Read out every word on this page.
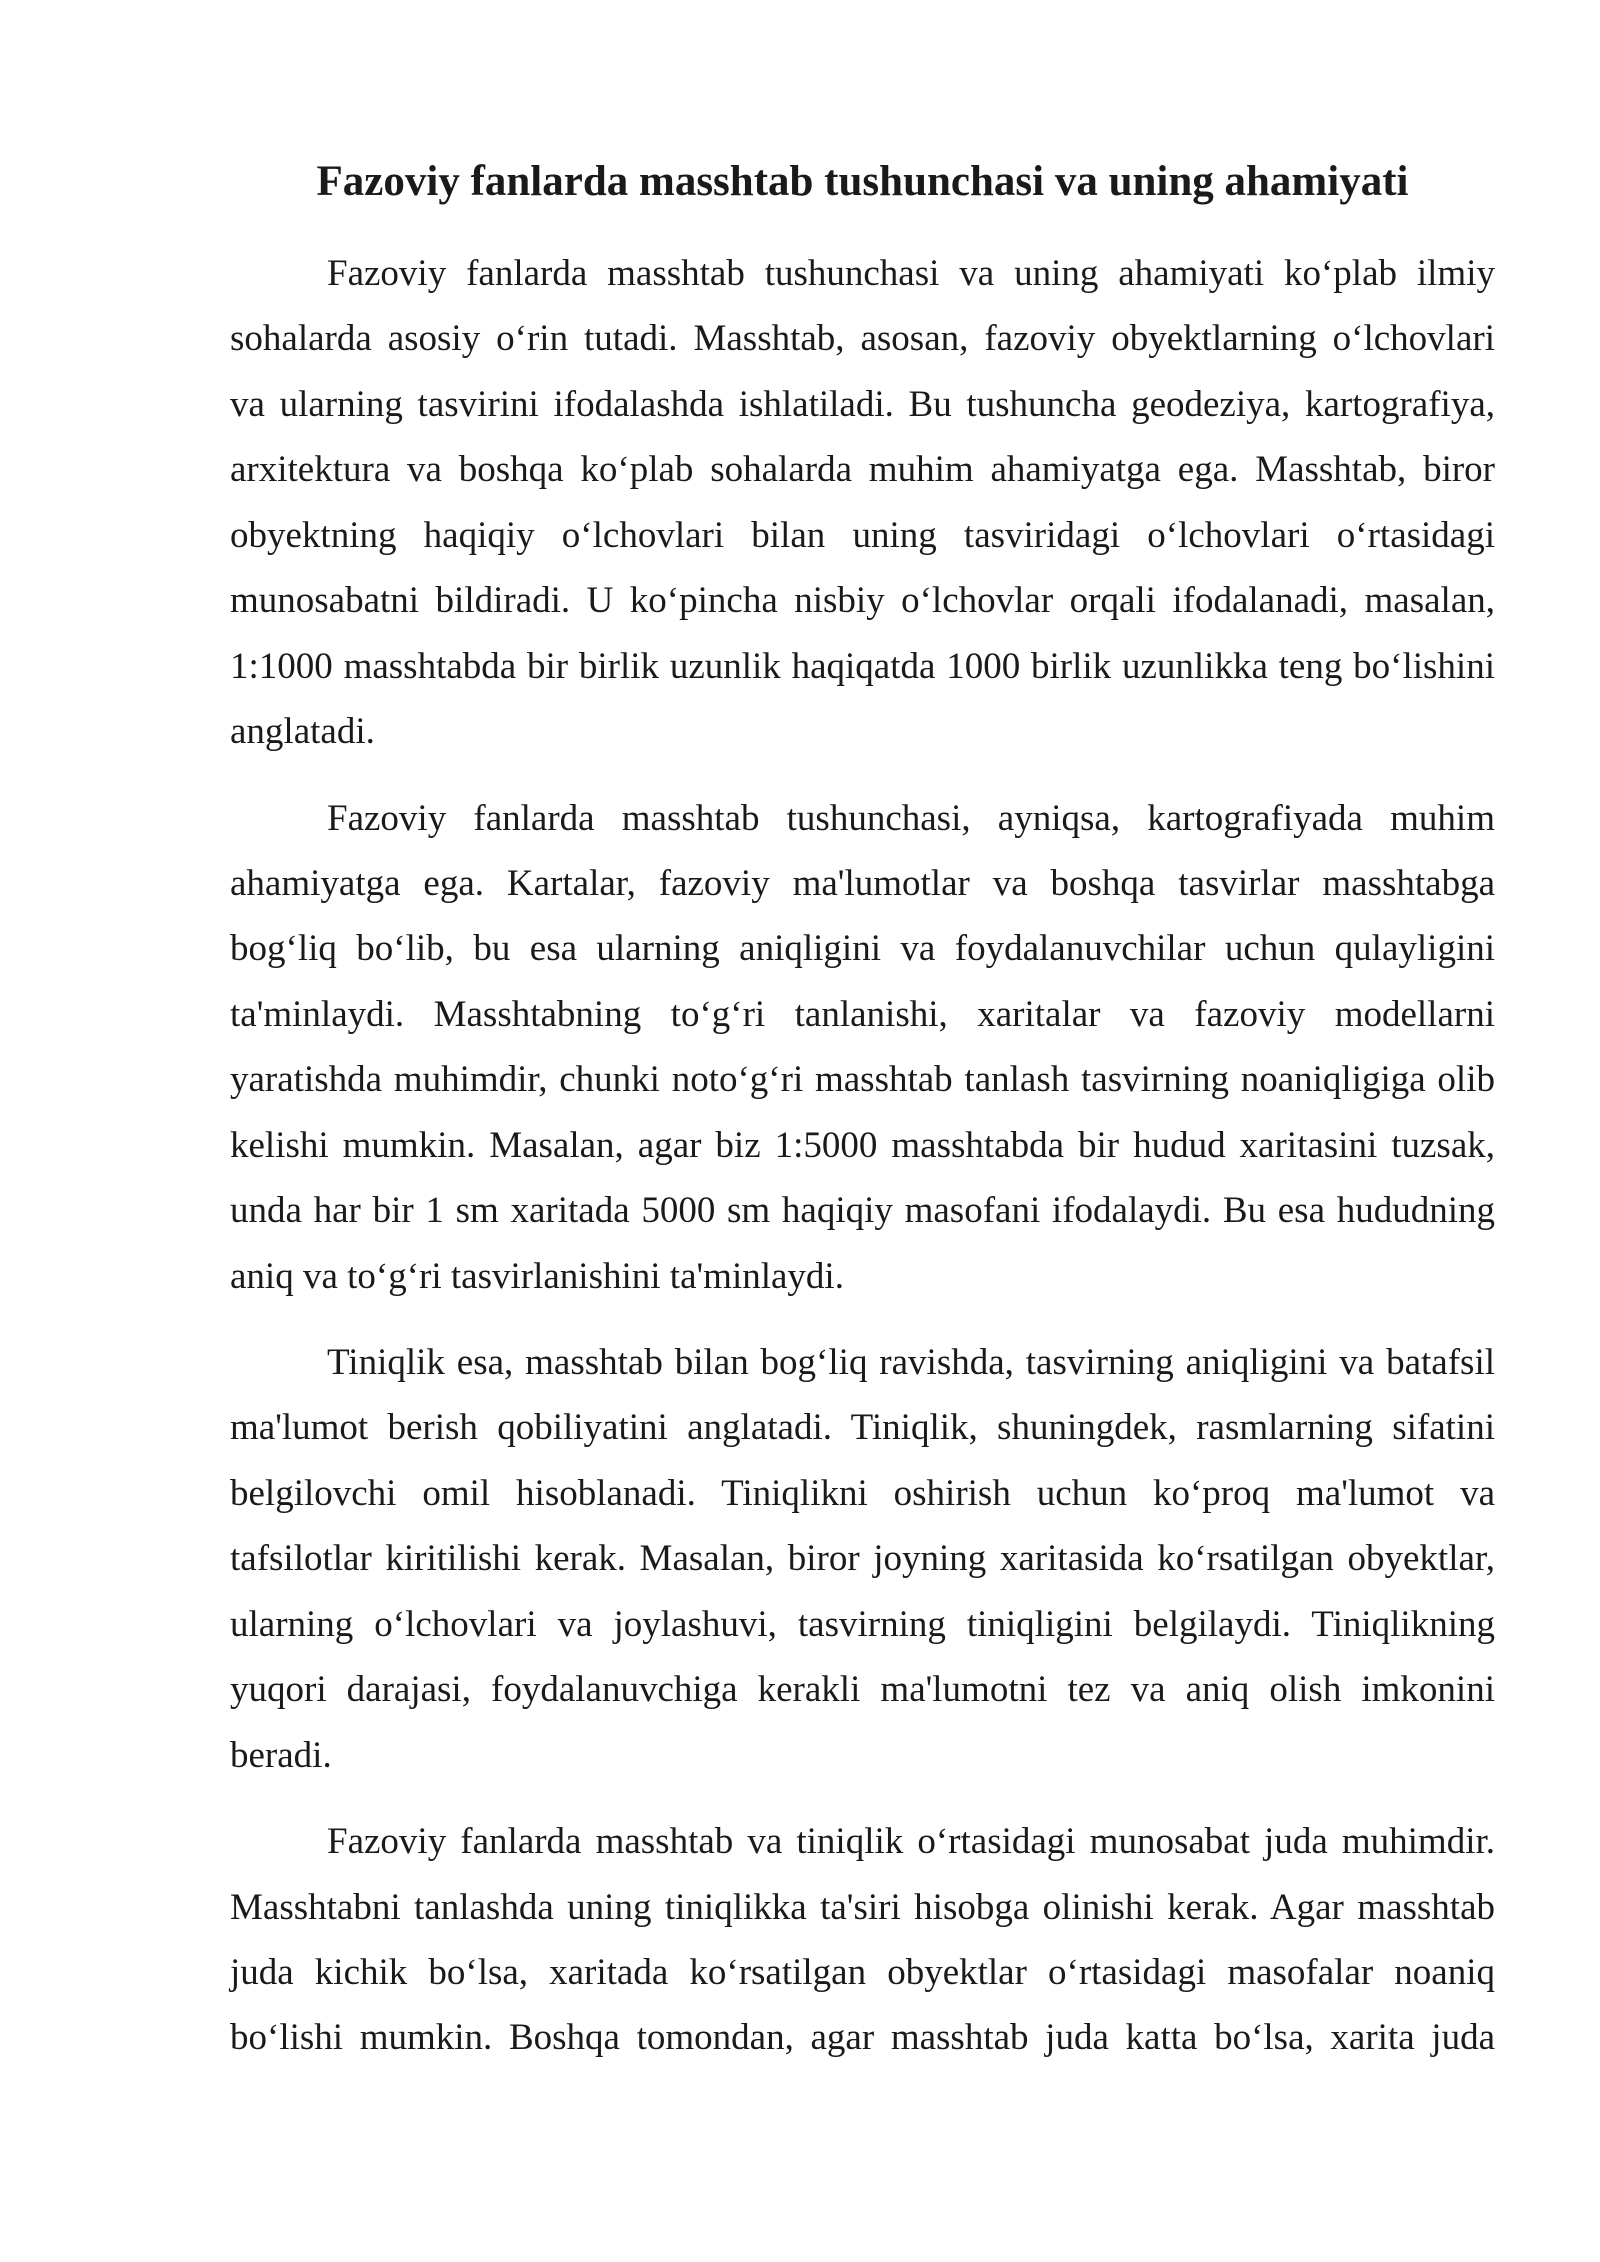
Fazoviy fanlarda masshtab tushunchasi va uning ahamiyati
Fazoviy fanlarda masshtab tushunchasi va uning ahamiyati ko‘plab ilmiy
sohalarda asosiy o‘rin tutadi. Masshtab, asosan, fazoviy obyektlarning o‘lchovlari
va ularning tasvirini ifodalashda ishlatiladi. Bu tushuncha geodeziya, kartografiya,
arxitektura va boshqa ko‘plab sohalarda muhim ahamiyatga ega. Masshtab, biror
obyektning haqiqiy o‘lchovlari bilan uning tasviridagi o‘lchovlari o‘rtasidagi
munosabatni bildiradi. U ko‘pincha nisbiy o‘lchovlar orqali ifodalanadi, masalan,
1:1000 masshtabda bir birlik uzunlik haqiqatda 1000 birlik uzunlikka teng bo‘lishini
anglatadi.
Fazoviy fanlarda masshtab tushunchasi, ayniqsa, kartografiyada muhim
ahamiyatga ega. Kartalar, fazoviy ma'lumotlar va boshqa tasvirlar masshtabga
bog‘liq bo‘lib, bu esa ularning aniqligini va foydalanuvchilar uchun qulayligini
ta'minlaydi. Masshtabning to‘g‘ri tanlanishi, xaritalar va fazoviy modellarni
yaratishda muhimdir, chunki noto‘g‘ri masshtab tanlash tasvirning noaniqligiga olib
kelishi mumkin. Masalan, agar biz 1:5000 masshtabda bir hudud xaritasini tuzsak,
unda har bir 1 sm xaritada 5000 sm haqiqiy masofani ifodalaydi. Bu esa hududning
aniq va to‘g‘ri tasvirlanishini ta'minlaydi.
Tiniqlik esa, masshtab bilan bog‘liq ravishda, tasvirning aniqligini va batafsil
ma'lumot berish qobiliyatini anglatadi. Tiniqlik, shuningdek, rasmlarning sifatini
belgilovchi omil hisoblanadi. Tiniqlikni oshirish uchun ko‘proq ma'lumot va
tafsilotlar kiritilishi kerak. Masalan, biror joyning xaritasida ko‘rsatilgan obyektlar,
ularning o‘lchovlari va joylashuvi, tasvirning tiniqligini belgilaydi. Tiniqlikning
yuqori darajasi, foydalanuvchiga kerakli ma'lumotni tez va aniq olish imkonini
beradi.
Fazoviy fanlarda masshtab va tiniqlik o‘rtasidagi munosabat juda muhimdir.
Masshtabni tanlashda uning tiniqlikka ta'siri hisobga olinishi kerak. Agar masshtab
juda kichik bo‘lsa, xaritada ko‘rsatilgan obyektlar o‘rtasidagi masofalar noaniq
bo‘lishi mumkin. Boshqa tomondan, agar masshtab juda katta bo‘lsa, xarita juda
